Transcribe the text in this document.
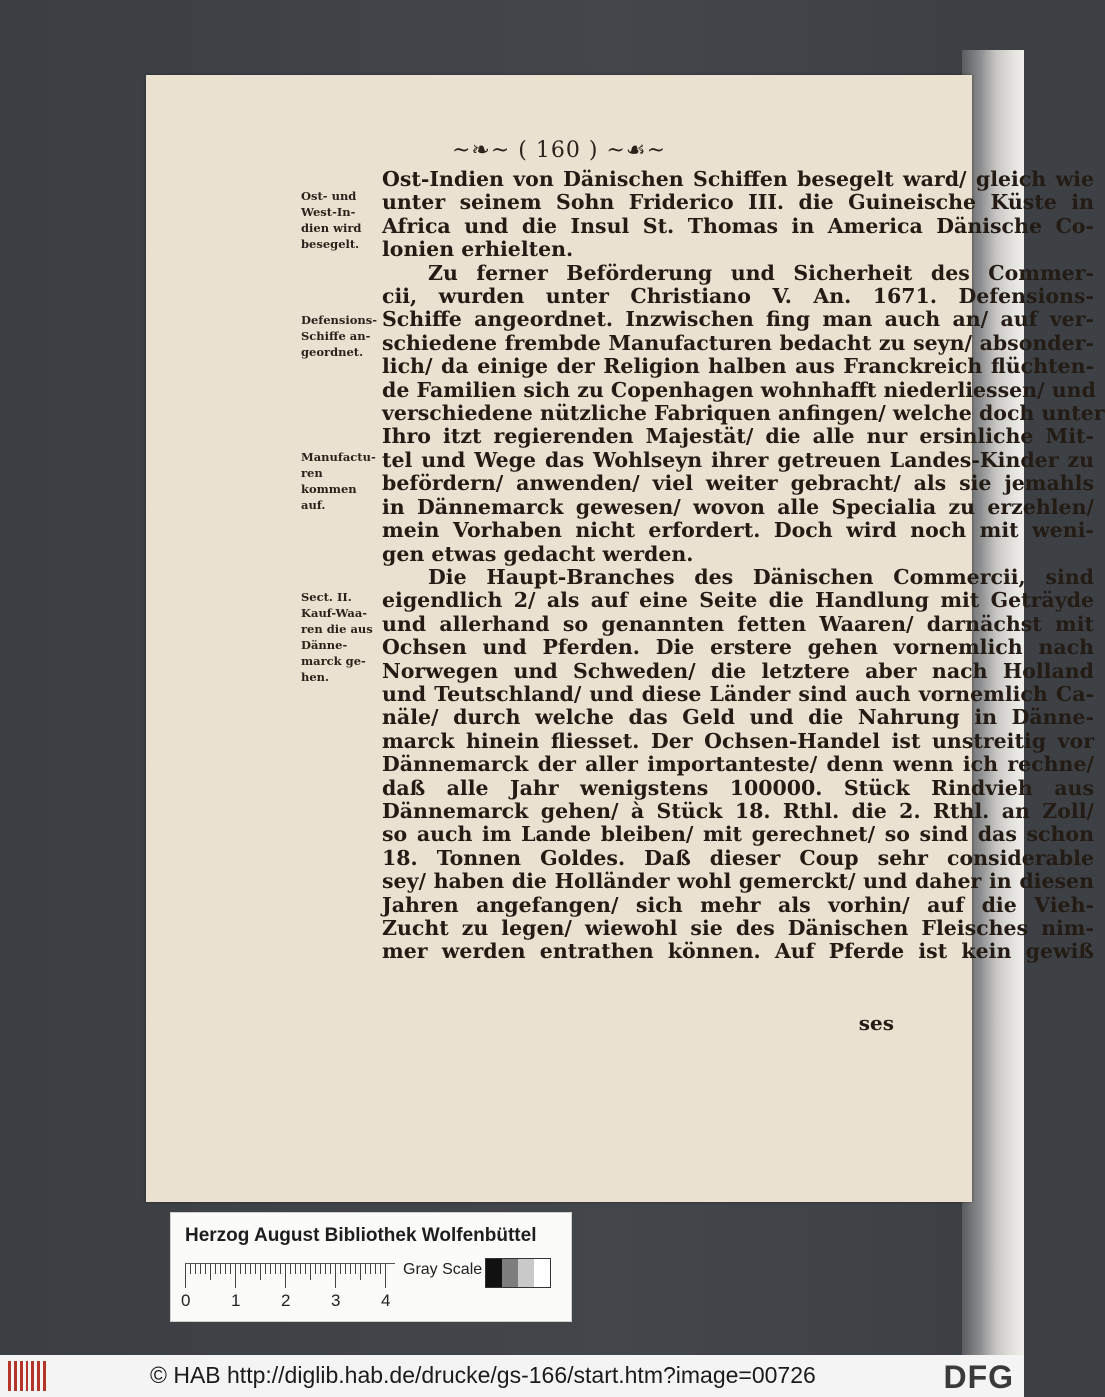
~❧~ ( 160 ) ~☙~
Ost- und
West-In-
dien wird
besegelt.
Defensions-
Schiffe an-
geordnet.
Manufactu-
ren kommen
auf.
Sect. II.
Kauf-Waa-
ren die aus
Dänne-
marck ge-
hen.
Ost-Indien von Dänischen Schiffen besegelt ward/ gleich wie
unter seinem Sohn Friderico III. die Guineische Küste in
Africa und die Insul St. Thomas in America Dänische Co-
lonien erhielten.
Zu ferner Beförderung und Sicherheit des Commer-
cii, wurden unter Christiano V. An. 1671. Defensions-
Schiffe angeordnet. Inzwischen fing man auch an/ auf ver-
schiedene frembde Manufacturen bedacht zu seyn/ absonder-
lich/ da einige der Religion halben aus Franckreich flüchten-
de Familien sich zu Copenhagen wohnhafft niederliessen/ und
verschiedene nützliche Fabriquen anfingen/ welche doch unter
Ihro itzt regierenden Majestät/ die alle nur ersinliche Mit-
tel und Wege das Wohlseyn ihrer getreuen Landes-Kinder zu
befördern/ anwenden/ viel weiter gebracht/ als sie jemahls
in Dännemarck gewesen/ wovon alle Specialia zu erzehlen/
mein Vorhaben nicht erfordert. Doch wird noch mit weni-
gen etwas gedacht werden.
Die Haupt-Branches des Dänischen Commercii, sind
eigendlich 2/ als auf eine Seite die Handlung mit Geträyde
und allerhand so genannten fetten Waaren/ darnächst mit
Ochsen und Pferden. Die erstere gehen vornemlich nach
Norwegen und Schweden/ die letztere aber nach Holland
und Teutschland/ und diese Länder sind auch vornemlich Ca-
näle/ durch welche das Geld und die Nahrung in Dänne-
marck hinein fliesset. Der Ochsen-Handel ist unstreitig vor
Dännemarck der aller importanteste/ denn wenn ich rechne/
daß alle Jahr wenigstens 100000. Stück Rindvieh aus
Dännemarck gehen/ à Stück 18. Rthl. die 2. Rthl. an Zoll/
so auch im Lande bleiben/ mit gerechnet/ so sind das schon
18. Tonnen Goldes. Daß dieser Coup sehr considerable
sey/ haben die Holländer wohl gemerckt/ und daher in diesen
Jahren angefangen/ sich mehr als vorhin/ auf die Vieh-
Zucht zu legen/ wiewohl sie des Dänischen Fleisches nim-
mer werden entrathen können. Auf Pferde ist kein gewiß
ses
Herzog August Bibliothek Wolfenbüttel
0 1 2 3 4
Gray Scale
© HAB http://diglib.hab.de/drucke/gs-166/start.htm?image=00726	DFG
